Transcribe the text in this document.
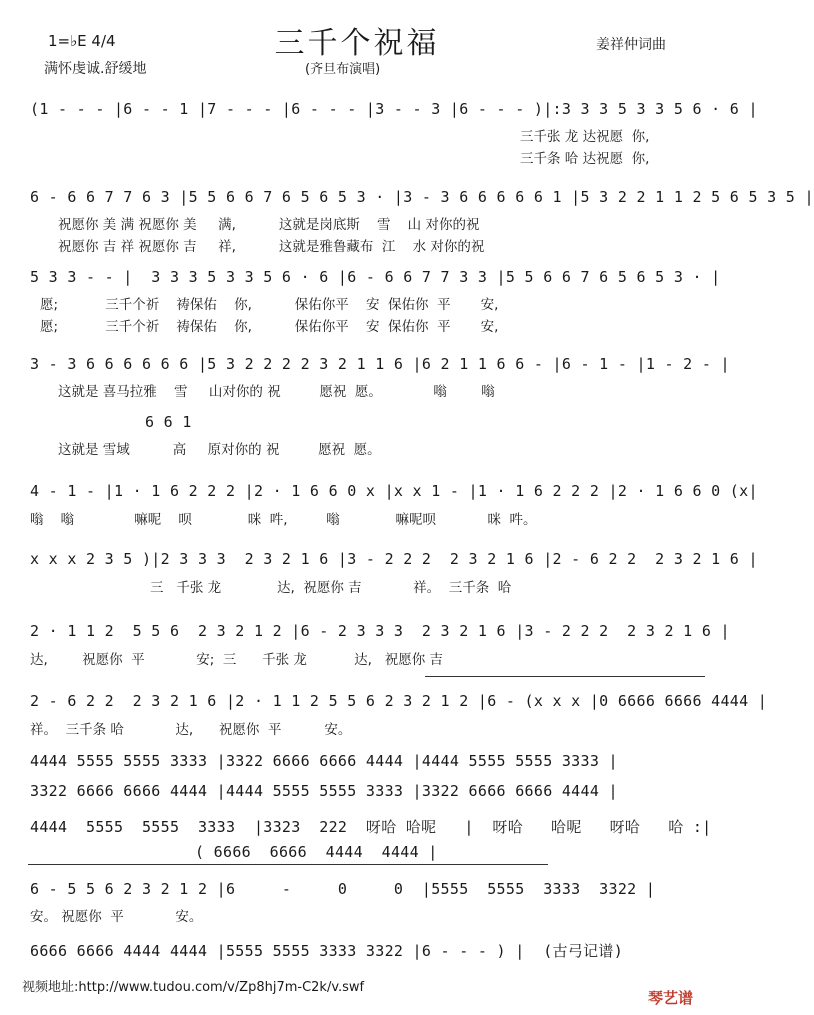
三千个祝福
1=♭E 4/4
满怀虔诚.舒缓地
姜祥仲词曲
(齐旦布演唱)
(1 - - - |6 - - 1 |7 - - - |6 - - - |3 - - 3 |6 - - - )|:3 3 3 5 3 3 5 6 · 6 |
三千张 龙 达祝愿  你,
三千条 哈 达祝愿  你,
6 - 6 6 7 7 6 3 |5 5 6 6 7 6 5 6 5 3 · |3 - 3 6 6 6 6 6 1 |5 3 2 2 1 1 2 5 6 5 3 5 |
祝愿你 美 满 祝愿你 美     满,          这就是岗底斯    雪    山 对你的祝
祝愿你 吉 祥 祝愿你 吉     祥,          这就是雅鲁藏布  江    水 对你的祝
5 3 3 - - |  3 3 3 5 3 3 5 6 · 6 |6 - 6 6 7 7 3 3 |5 5 6 6 7 6 5 6 5 3 · |
愿;           三千个祈    祷保佑    你,          保佑你平    安  保佑你  平       安,
愿;           三千个祈    祷保佑    你,          保佑你平    安  保佑你  平       安,
3 - 3 6 6 6 6 6 6 |5 3 2 2 2 2 3 2 1 1 6 |6 2 1 1 6 6 - |6 - 1 - |1 - 2 - |
这就是 喜马拉雅    雪     山对你的 祝         愿祝  愿。            嗡        嗡
6 6 1
这就是 雪域          高     原对你的 祝         愿祝  愿。
4 - 1 - |1 · 1 6 2 2 2 |2 · 1 6 6 0 x |x x 1 - |1 · 1 6 2 2 2 |2 · 1 6 6 0 (x|
嗡    嗡              嘛呢    呗             咪  吽,         嗡             嘛呢呗            咪  吽。
x x x 2 3 5 )|2 3 3 3  2 3 2 1 6 |3 - 2 2 2  2 3 2 1 6 |2 - 6 2 2  2 3 2 1 6 |
三   千张 龙             达,  祝愿你 吉            祥。  三千条  哈
2 · 1 1 2  5 5 6  2 3 2 1 2 |6 - 2 3 3 3  2 3 2 1 6 |3 - 2 2 2  2 3 2 1 6 |
达,        祝愿你  平            安;  三      千张 龙           达,   祝愿你 吉
2 - 6 2 2  2 3 2 1 6 |2 · 1 1 2 5 5 6 2 3 2 1 2 |6 - (x x x |0 6666 6666 4444 |
祥。  三千条 哈            达,      祝愿你  平          安。
4444 5555 5555 3333 |3322 6666 6666 4444 |4444 5555 5555 3333 |
3322 6666 6666 4444 |4444 5555 5555 3333 |3322 6666 6666 4444 |
4444  5555  5555  3333  |3323  222  呀哈 哈呢   |  呀哈   哈呢   呀哈   哈 :|
( 6666  6666  4444  4444 |
6 - 5 5 6 2 3 2 1 2 |6     -     0     0  |5555  5555  3333  3322 |
安。 祝愿你  平            安。
6666 6666 4444 4444 |5555 5555 3333 3322 |6 - - - ) |  (古弓记谱)
视频地址:http://www.tudou.com/v/Zp8hj7m-C2k/v.swf
琴艺谱
